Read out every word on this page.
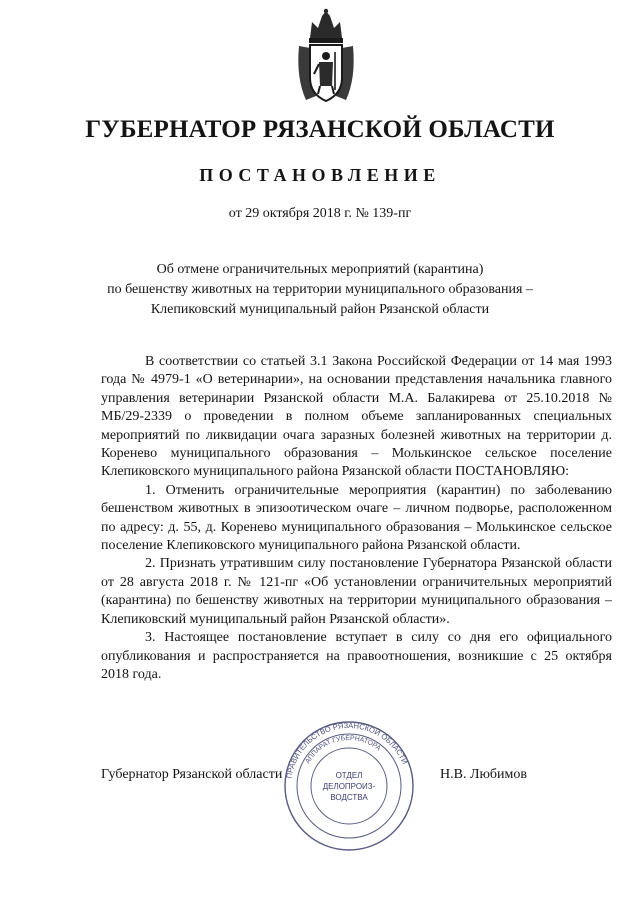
ГУБЕРНАТОР РЯЗАНСКОЙ ОБЛАСТИ
ПОСТАНОВЛЕНИЕ
от 29 октября 2018 г. № 139-пг
Об отмене ограничительных мероприятий (карантина)
по бешенству животных на территории муниципального образования –
Клепиковский муниципальный район Рязанской области

В соответствии со статьей 3.1 Закона Российской Федерации от 14 мая 1993 года № 4979-1 «О ветеринарии», на основании представления начальника главного управления ветеринарии Рязанской области М.А. Балакирева от 25.10.2018 № МБ/29-2339 о проведении в полном объеме запланированных специальных мероприятий по ликвидации очага заразных болезней животных на территории д. Кореневo муниципального образования – Молькинское сельское поселение Клепиковского муниципального района Рязанской области ПОСТАНОВЛЯЮ:

1. Отменить ограничительные мероприятия (карантин) по заболеванию бешенством животных в эпизоотическом очаге – личном подворье, расположенном по адресу: д. 55, д. Коренево муниципального образования – Молькинское сельское поселение Клепиковского муниципального района Рязанской области.

2. Признать утратившим силу постановление Губернатора Рязанской области от 28 августа 2018 г. № 121-пг «Об установлении ограничительных мероприятий (карантина) по бешенству животных на территории муниципального образования – Клепиковский муниципальный район Рязанской области».

3. Настоящее постановление вступает в силу со дня его официального опубликования и распространяется на правоотношения, возникшие с 25 октября 2018 года.

Губернатор Рязанской области	Н.В. Любимов
ПРАВИТЕЛЬСТВО РЯЗАНСКОЙ ОБЛАСТИ
АППАРАТ ГУБЕРНАТОРА
ОТДЕЛ
ДЕЛОПРОИЗ-
ВОДСТВА
